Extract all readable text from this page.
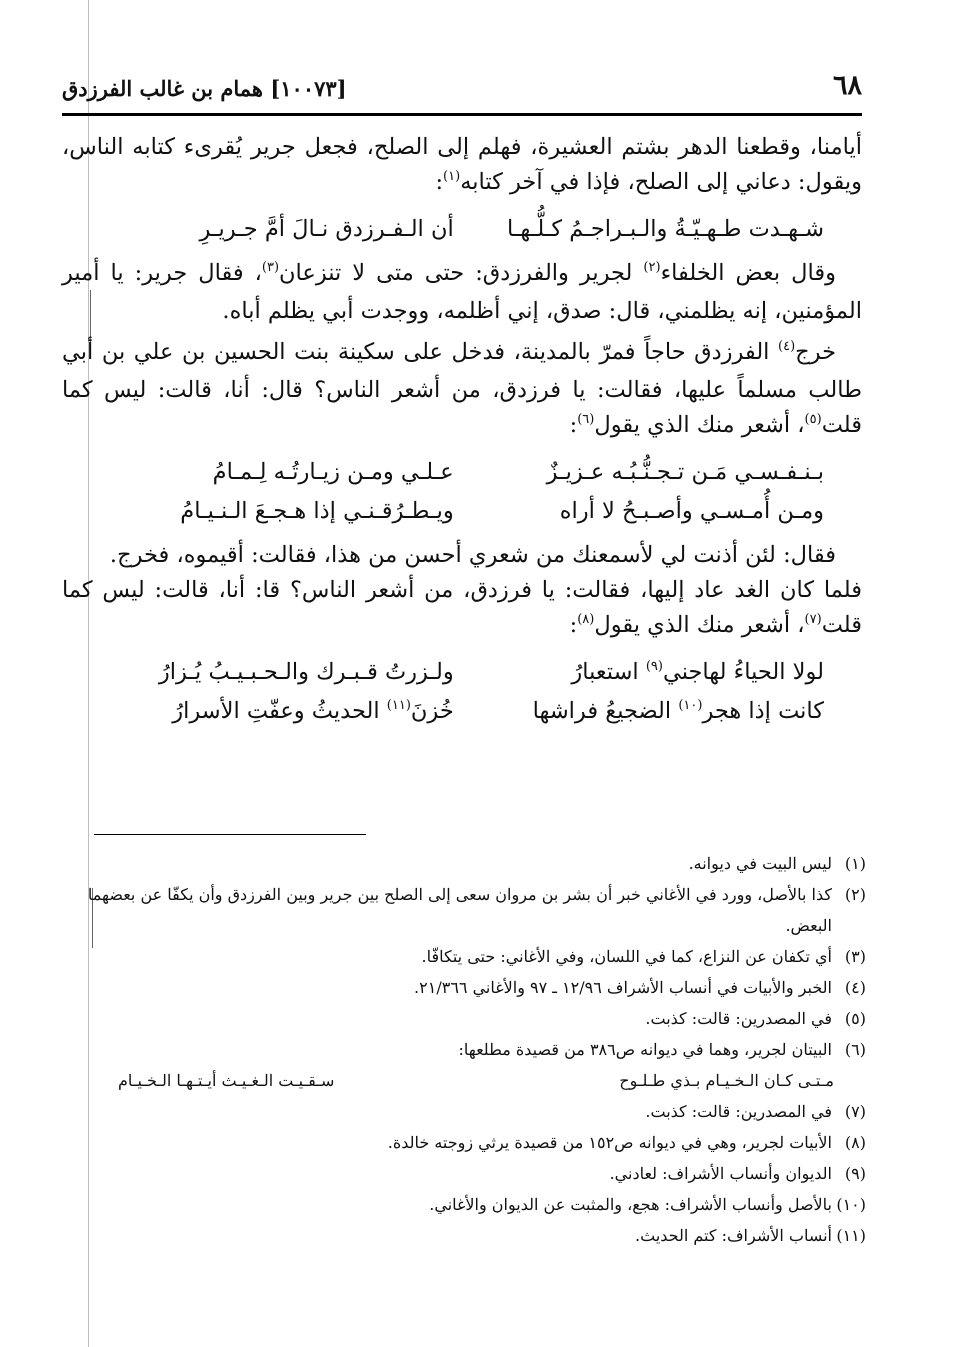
٦٨
[١٠٠٧٣] همام بن غالب الفرزدق

أيامنا، وقطعنا الدهر بشتم العشيرة، فهلم إلى الصلح، فجعل جرير يُقرىء كتابه الناس، ويقول: دعاني إلى الصلح، فإذا في آخر كتابه$^{(١)}$:

شـهـدت طـهـيّـةُ والـبـراجـمُ كـلُّـهـا
أن الـفـرزدق نـالَ أمَّ جـريـرِ

وقال بعض الخلفاء$^{(٢)}$ لجرير والفرزدق: حتى متى لا تنزعان$^{(٣)}$، فقال جرير: يا أمير المؤمنين، إنه يظلمني، قال: صدق، إني أظلمه، ووجدت أبي يظلم أباه.

خرج$^{(٤)}$ الفرزدق حاجاً فمرّ بالمدينة، فدخل على سكينة بنت الحسين بن علي بن أبي طالب مسلماً عليها، فقالت: يا فرزدق، من أشعر الناس؟ قال: أنا، قالت: ليس كما قلت$^{(٥)}$، أشعر منك الذي يقول$^{(٦)}$:

بـنـفـسـي مَـن تـجـنُّـبُـه عـزيـزٌ
عـلـي ومـن زيـارتُـه لِـمـامُ
ومـن أُمـسـي وأصـبـحُ لا أراه
ويـطـرُقـنـي إذا هـجـعَ الـنـيـامُ

فقال: لئن أذنت لي لأسمعنك من شعري أحسن من هذا، فقالت: أقيموه، فخرج.

فلما كان الغد عاد إليها، فقالت: يا فرزدق، من أشعر الناس؟ قا: أنا، قالت: ليس كما قلت$^{(٧)}$، أشعر منك الذي يقول$^{(٨)}$:

لولا الحياءُ لهاجني$^{(٩)}$ استعبارُ
ولـزرتُ قـبـرك والـحـبـيـبُ يُـزارُ
كانت إذا هجر$^{(١٠)}$ الضجيعُ فراشها
خُزنَ$^{(١١)}$ الحديثُ وعفّتِ الأسرارُ
(١)
ليس البيت في ديوانه.
(٢)
كذا بالأصل، وورد في الأغاني خبر أن بشر بن مروان سعى إلى الصلح بين جرير وبين الفرزدق وأن يكفّا عن بعضهما البعض.
(٣)
أي تكفان عن النزاع، كما في اللسان، وفي الأغاني: حتى يتكافّا.
(٤)
الخبر والأبيات في أنساب الأشراف ١٢/٩٦ ـ ٩٧ والأغاني ٢١/٣٦٦.
(٥)
في المصدرين: قالت: كذبت.
(٦)
البيتان لجرير، وهما في ديوانه ص٣٨٦ من قصيدة مطلعها:
مـتـى كـان الـخـيـام بـذي طـلـوح
سـقـيـت الـغـيـث أيـتـهـا الـخـيـام
(٧)
في المصدرين: قالت: كذبت.
(٨)
الأبيات لجرير، وهي في ديوانه ص١٥٢ من قصيدة يرثي زوجته خالدة.
(٩)
الديوان وأنساب الأشراف: لعادني.
(١٠)
بالأصل وأنساب الأشراف: هجع، والمثبت عن الديوان والأغاني.
(١١)
أنساب الأشراف: كتم الحديث.
